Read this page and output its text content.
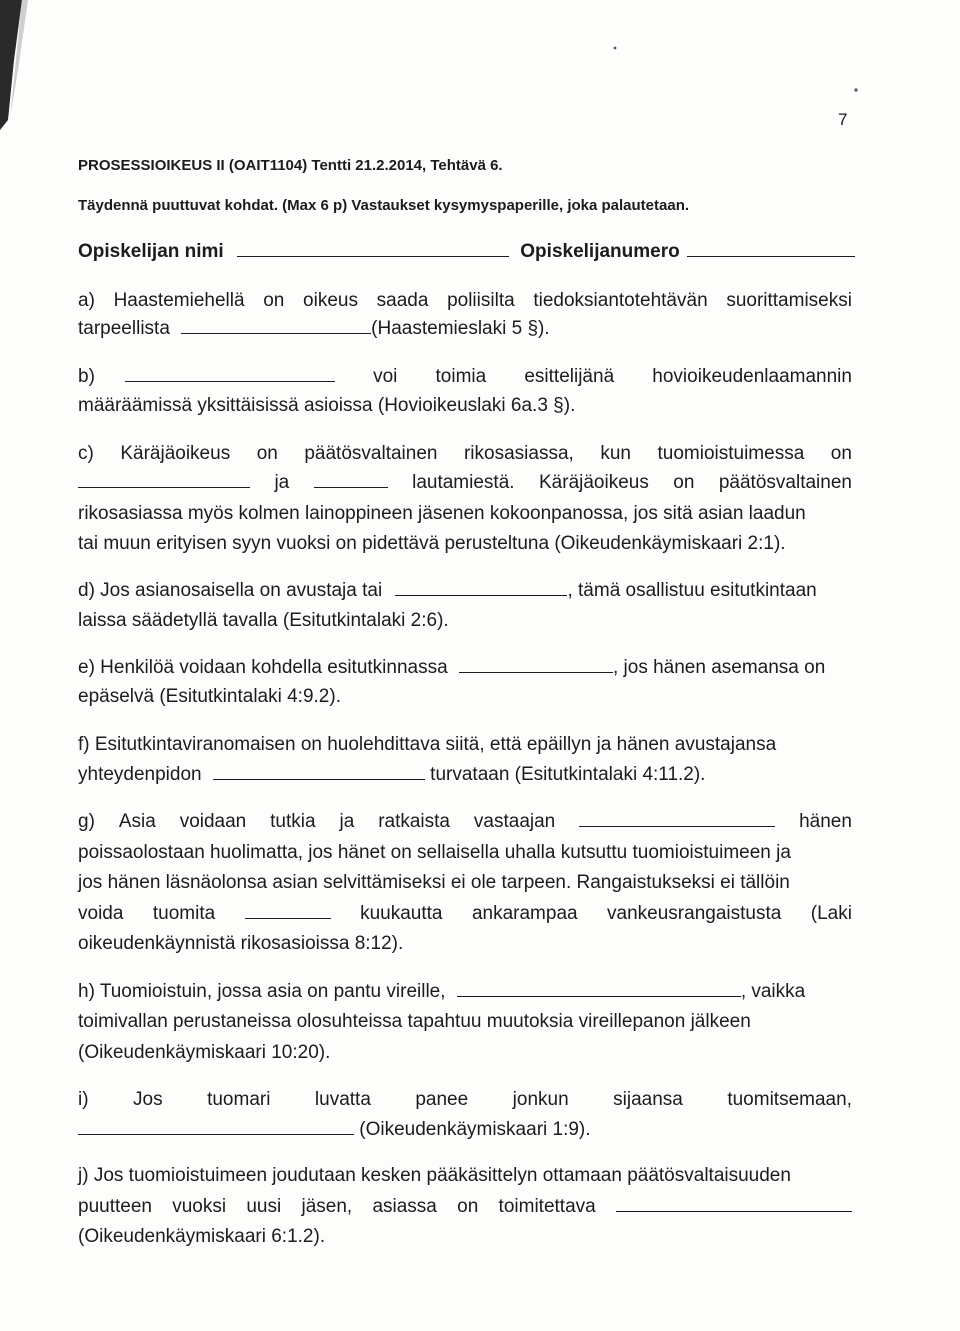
7
PROSESSIOIKEUS II (OAIT1104) Tentti 21.2.2014, Tehtävä 6.
Täydennä puuttuvat kohdat. (Max 6 p) Vastaukset kysymyspaperille, joka palautetaan.
Opiskelijan nimi	Opiskelijanumero
a) Haastemiehellä on oikeus saada poliisilta tiedoksiantotehtävän suorittamiseksi
tarpeellista	(Haastemieslaki 5 §).
b)	voi toimia esittelijänä hovioikeudenlaamannin
määräämissä yksittäisissä asioissa (Hovioikeuslaki 6a.3 §).
c) Käräjäoikeus on päätösvaltainen rikosasiassa, kun tuomioistuimessa on
ja	lautamiestä. Käräjäoikeus on päätösvaltainen
rikosasiassa myös kolmen lainoppineen jäsenen kokoonpanossa, jos sitä asian laadun
tai muun erityisen syyn vuoksi on pidettävä perusteltuna (Oikeudenkäymiskaari 2:1).
d) Jos asianosaisella on avustaja tai	, tämä osallistuu esitutkintaan
laissa säädetyllä tavalla (Esitutkintalaki 2:6).
e) Henkilöä voidaan kohdella esitutkinnassa	, jos hänen asemansa on
epäselvä (Esitutkintalaki 4:9.2).
f) Esitutkintaviranomaisen on huolehdittava siitä, että epäillyn ja hänen avustajansa
yhteydenpidon	turvataan (Esitutkintalaki 4:11.2).
g) Asia voidaan tutkia ja ratkaista vastaajan	hänen
poissaolostaan huolimatta, jos hänet on sellaisella uhalla kutsuttu tuomioistuimeen ja
jos hänen läsnäolonsa asian selvittämiseksi ei ole tarpeen. Rangaistukseksi ei tällöin
voida tuomita	kuukautta ankarampaa vankeusrangaistusta (Laki
oikeudenkäynnistä rikosasioissa 8:12).
h) Tuomioistuin, jossa asia on pantu vireille,	, vaikka
toimivallan perustaneissa olosuhteissa tapahtuu muutoksia vireillepanon jälkeen
(Oikeudenkäymiskaari 10:20).
i) Jos tuomari luvatta panee jonkun sijaansa tuomitsemaan,
(Oikeudenkäymiskaari 1:9).
j) Jos tuomioistuimeen joudutaan kesken pääkäsittelyn ottamaan päätösvaltaisuuden
puutteen vuoksi uusi jäsen, asiassa on toimitettava
(Oikeudenkäymiskaari 6:1.2).
